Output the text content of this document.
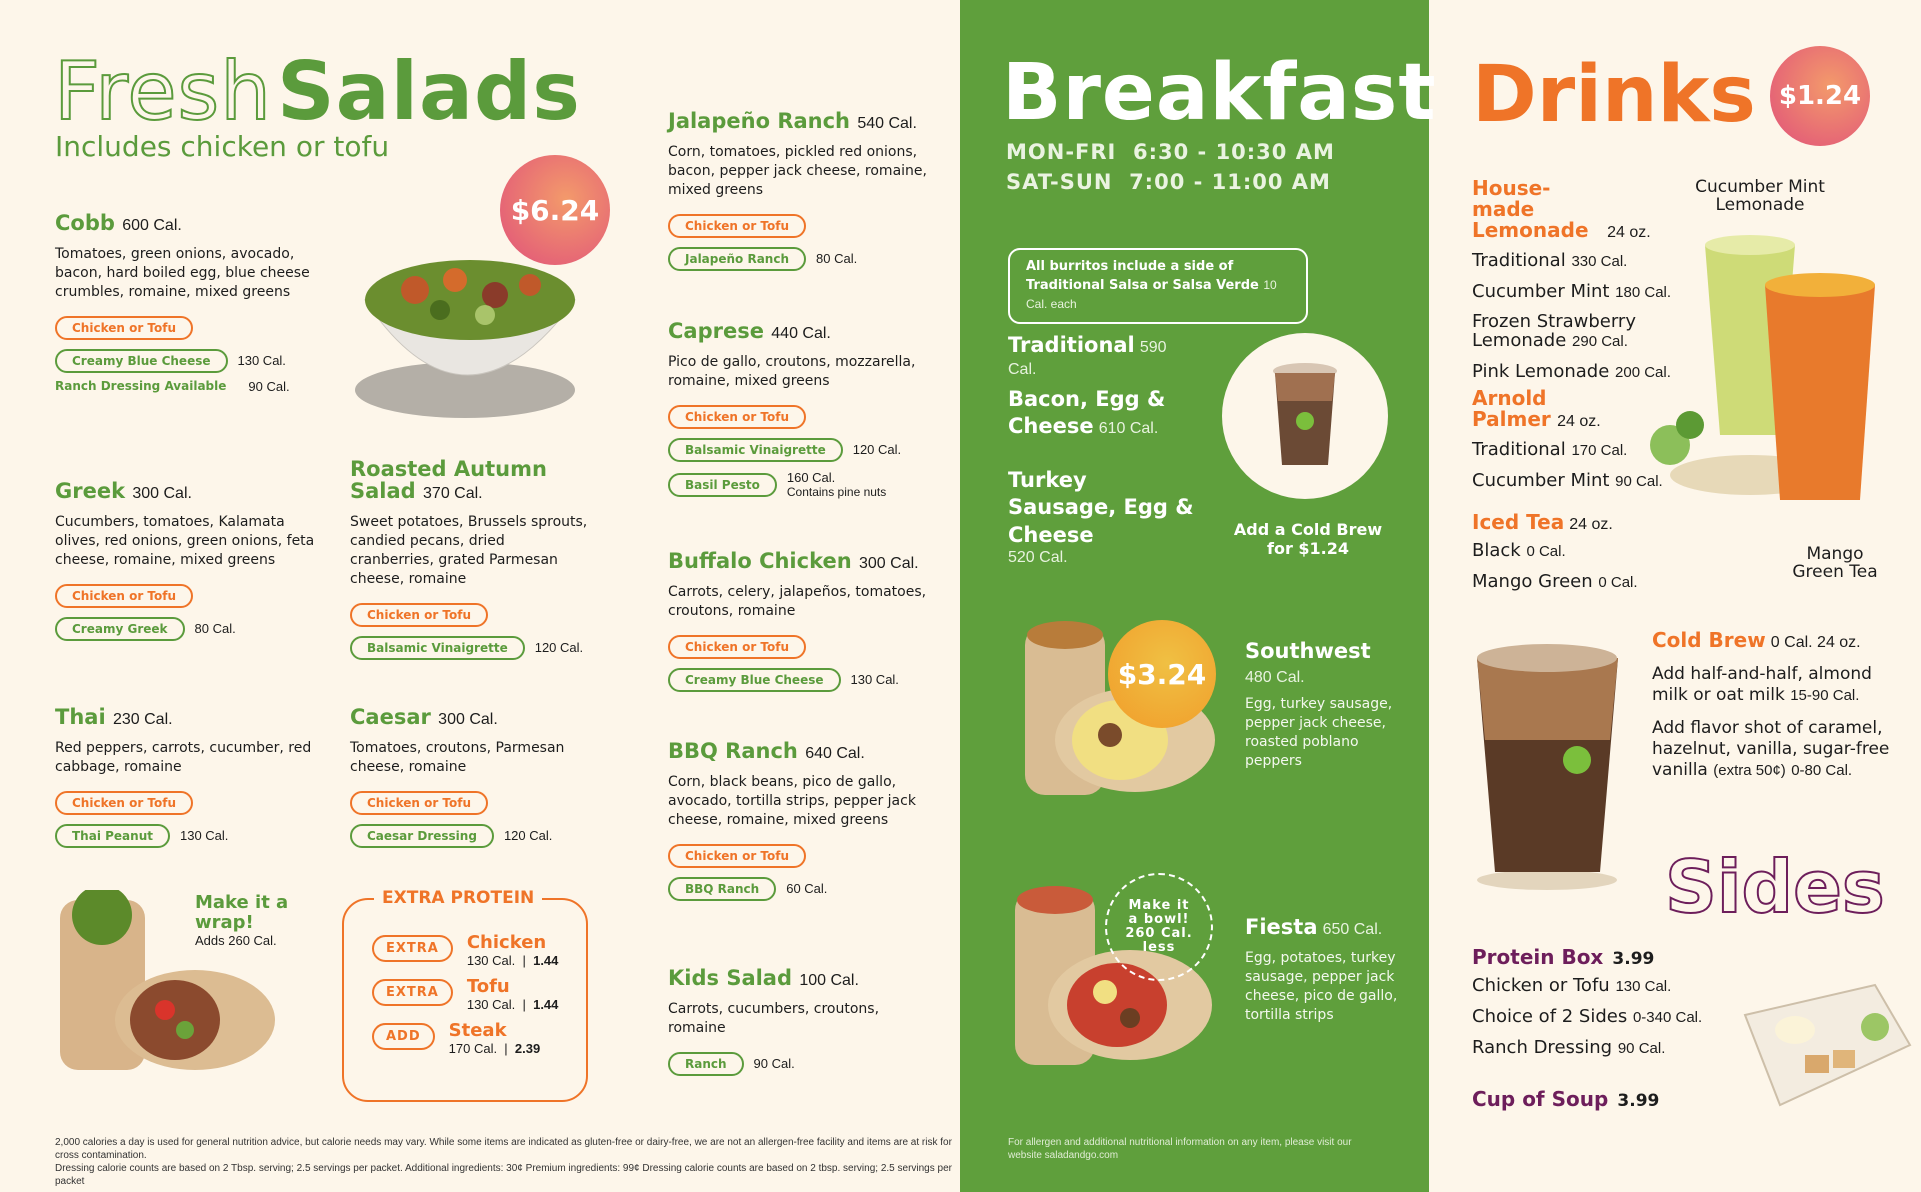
Fresh Salads
Includes chicken or tofu
$6.24
Cobb 600 Cal.
Tomatoes, green onions, avocado, bacon, hard boiled egg, blue cheese crumbles, romaine, mixed greens
Chicken or Tofu
Creamy Blue Cheese	130 Cal.
Ranch Dressing Available 90 Cal.
Greek 300 Cal.
Cucumbers, tomatoes, Kalamata olives, red onions, green onions, feta cheese, romaine, mixed greens
Chicken or Tofu
Creamy Greek	80 Cal.
Roasted Autumn Salad 370 Cal.
Sweet potatoes, Brussels sprouts, candied pecans, dried cranberries, grated Parmesan cheese, romaine
Chicken or Tofu
Balsamic Vinaigrette	120 Cal.
Thai 230 Cal.
Red peppers, carrots, cucumber, red cabbage, romaine
Chicken or Tofu
Thai Peanut	130 Cal.
Caesar 300 Cal.
Tomatoes, croutons, Parmesan cheese, romaine
Chicken or Tofu
Caesar Dressing	120 Cal.
Make it a wrap!
Adds 260 Cal.
EXTRA PROTEIN
EXTRA	Chicken
130 Cal.  |  1.44
EXTRA	Tofu
130 Cal.  |  1.44
ADD	Steak
170 Cal.  |  2.39
Jalapeño Ranch 540 Cal.
Corn, tomatoes, pickled red onions, bacon, pepper jack cheese, romaine, mixed greens
Chicken or Tofu
Jalapeño Ranch	80 Cal.
Caprese 440 Cal.
Pico de gallo, croutons, mozzarella, romaine, mixed greens
Chicken or Tofu
Balsamic Vinaigrette	120 Cal.
Basil Pesto	160 Cal.
Contains pine nuts
Buffalo Chicken 300 Cal.
Carrots, celery, jalapeños, tomatoes, croutons, romaine
Chicken or Tofu
Creamy Blue Cheese	130 Cal.
BBQ Ranch 640 Cal.
Corn, black beans, pico de gallo, avocado, tortilla strips, pepper jack cheese, romaine, mixed greens
Chicken or Tofu
BBQ Ranch	60 Cal.
Kids Salad 100 Cal.
Carrots, cucumbers, croutons, romaine
Ranch	90 Cal.
2,000 calories a day is used for general nutrition advice, but calorie needs may vary. While some items are indicated as gluten-free or dairy-free, we are not an allergen-free facility and items are at risk for cross contamination.
Dressing calorie counts are based on 2 Tbsp. serving; 2.5 servings per packet. Additional ingredients: 30¢ Premium ingredients: 99¢ Dressing calorie counts are based on 2 tbsp. serving; 2.5 servings per packet
Breakfast
MON-FRI  6:30 - 10:30 AM
SAT-SUN  7:00 - 11:00 AM
All burritos include a side of Traditional Salsa or Salsa Verde 10 Cal. each
Traditional 590 Cal.
Bacon, Egg & Cheese 610 Cal.
Turkey Sausage, Egg & Cheese
520 Cal.
Add a Cold Brew for $1.24
$3.24
Southwest
480 Cal.
Egg, turkey sausage, pepper jack cheese, roasted poblano peppers
Make it a bowl! 260 Cal. less
Fiesta 650 Cal.
Egg, potatoes, turkey sausage, pepper jack cheese, pico de gallo, tortilla strips
For allergen and additional nutritional information on any item, please visit our website saladandgo.com
Drinks $1.24
House-made Lemonade 24 oz.
Traditional 330 Cal.
Cucumber Mint 180 Cal.
Frozen Strawberry Lemonade 290 Cal.
Pink Lemonade 200 Cal.
Arnold Palmer 24 oz.
Traditional 170 Cal.
Cucumber Mint 90 Cal.
Iced Tea 24 oz.
Black 0 Cal.
Mango Green 0 Cal.
Cucumber Mint Lemonade
Mango Green Tea
Cold Brew 0 Cal. 24 oz.
Add half-and-half, almond milk or oat milk 15-90 Cal.
Add flavor shot of caramel, hazelnut, vanilla, sugar-free vanilla (extra 50¢) 0-80 Cal.
Sides
Protein Box 3.99
Chicken or Tofu 130 Cal.
Choice of 2 Sides 0-340 Cal.
Ranch Dressing 90 Cal.
Cup of Soup 3.99
